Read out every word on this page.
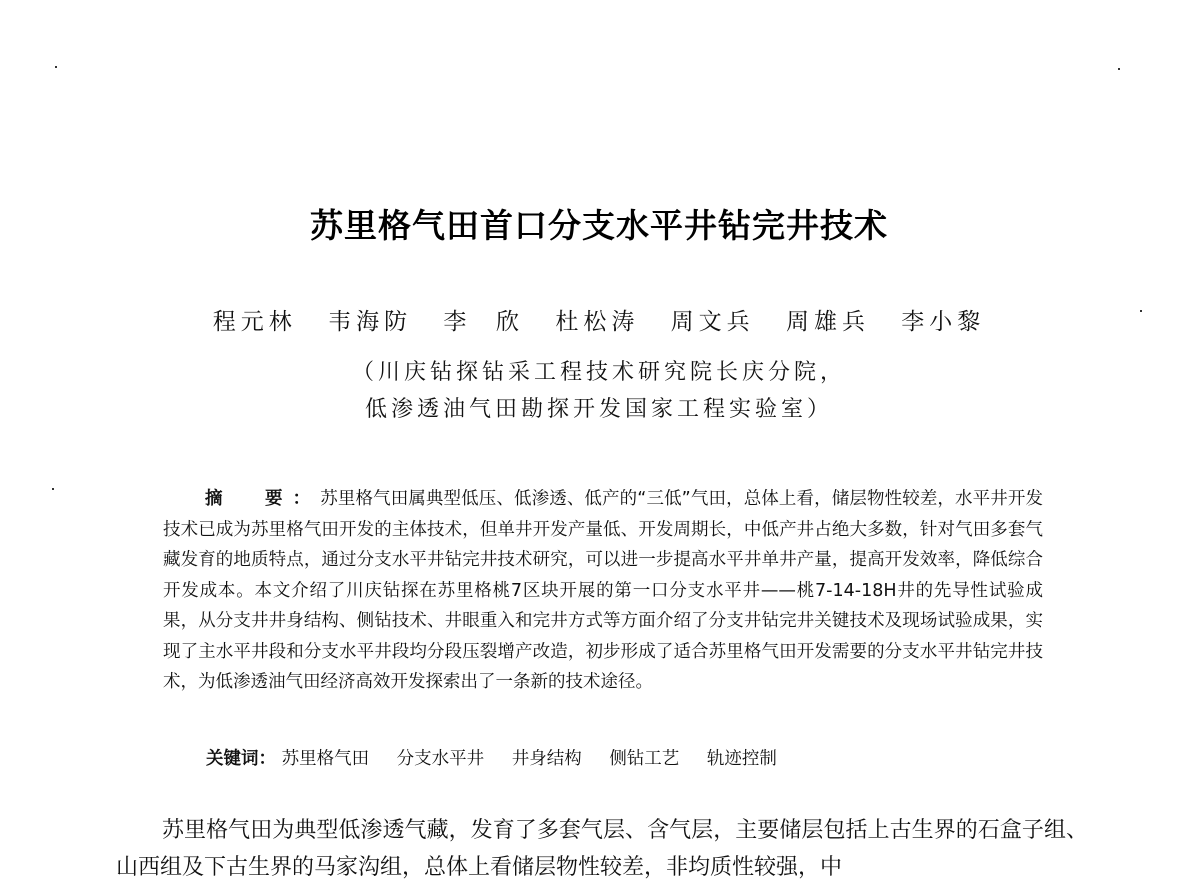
苏里格气田首口分支水平井钻完井技术
程元林 韦海防 李  欣 杜松涛 周文兵 周雄兵 李小黎
（川庆钻探钻采工程技术研究院长庆分院，
低渗透油气田勘探开发国家工程实验室）
摘  要：苏里格气田属典型低压、低渗透、低产的“三低”气田，总体上看，储层物性较差，水平井开发技术已成为苏里格气田开发的主体技术，但单井开发产量低、开发周期长，中低产井占绝大多数，针对气田多套气藏发育的地质特点，通过分支水平井钻完井技术研究，可以进一步提高水平井单井产量，提高开发效率，降低综合开发成本。本文介绍了川庆钻探在苏里格桃7区块开展的第一口分支水平井——桃7-14-18H井的先导性试验成果，从分支井井身结构、侧钻技术、井眼重入和完井方式等方面介绍了分支井钻完井关键技术及现场试验成果，实现了主水平井段和分支水平井段均分段压裂增产改造，初步形成了适合苏里格气田开发需要的分支水平井钻完井技术，为低渗透油气田经济高效开发探索出了一条新的技术途径。
关键词： 苏里格气田 分支水平井 井身结构 侧钻工艺 轨迹控制
苏里格气田为典型低渗透气藏，发育了多套气层、含气层，主要储层包括上古生界的石盒子组、山西组及下古生界的马家沟组，总体上看储层物性较差，非均质性较强，中
